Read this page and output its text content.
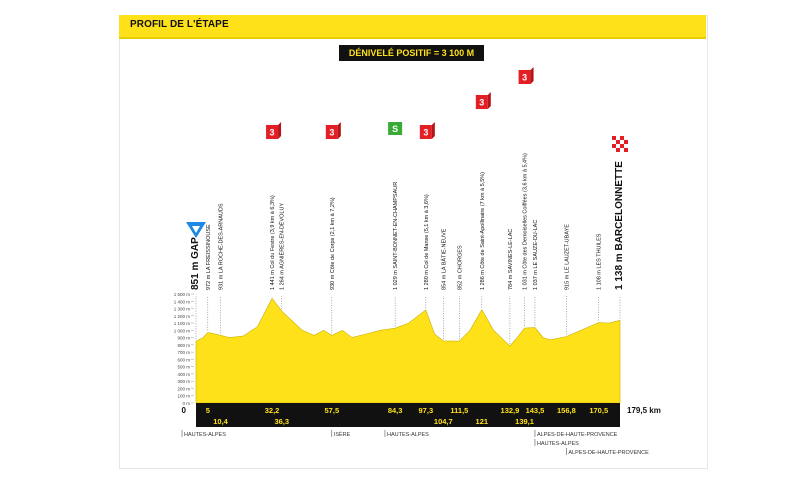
PROFIL DE L'ÉTAPE
DÉNIVELÉ POSITIF = 3 100 M
1 500 m
1 400 m
1 300 m
1 200 m
1 100 m
1 000 m
900 m
800 m
700 m
600 m
500 m
400 m
300 m
200 m
100 m
0 m
851 m GAP 972 m LA FREISSINOUSE 931 m LA ROCHE-DES-ARNAUDS	1 441 m Col du Festre (3,9 km à 6,3%)
3
1 264 m AGNIÈRES-EN-DÉVOLUY	930 m Côte de Corps (2,1 km à 7,2%)
3
1 029 m SAINT-BONNET-EN-CHAMPSAUR
S
1 280 m Col de Manse (5,1 km à 3,6%)
3
854 m LA BÂTIE-NEUVE 852 m CHORGES	1 286 m Côte de Saint-Apollinaire (7 km à 5,5%)
3
784 m SAVINES-LE-LAC 1 031 m Côte des Demoiselles Coiffées (3,6 km à 5,4%)
3
1 037 m LE SAUZE-DU-LAC	915 m LE LAUZET-UBAYE	1 108 m LES THUILES 1 138 m BARCELONNETTE
0	179,5 km
5
10,4
32,2
36,3
57,5	84,3 97,3
104,7
111,5
121
132,9
139,1
143,5 156,8 170,5
HAUTES-ALPES	ISÈRE	HAUTES-ALPES	ALPES-DE-HAUTE-PROVENCE
HAUTES-ALPES
ALPES-DE-HAUTE-PROVENCE
